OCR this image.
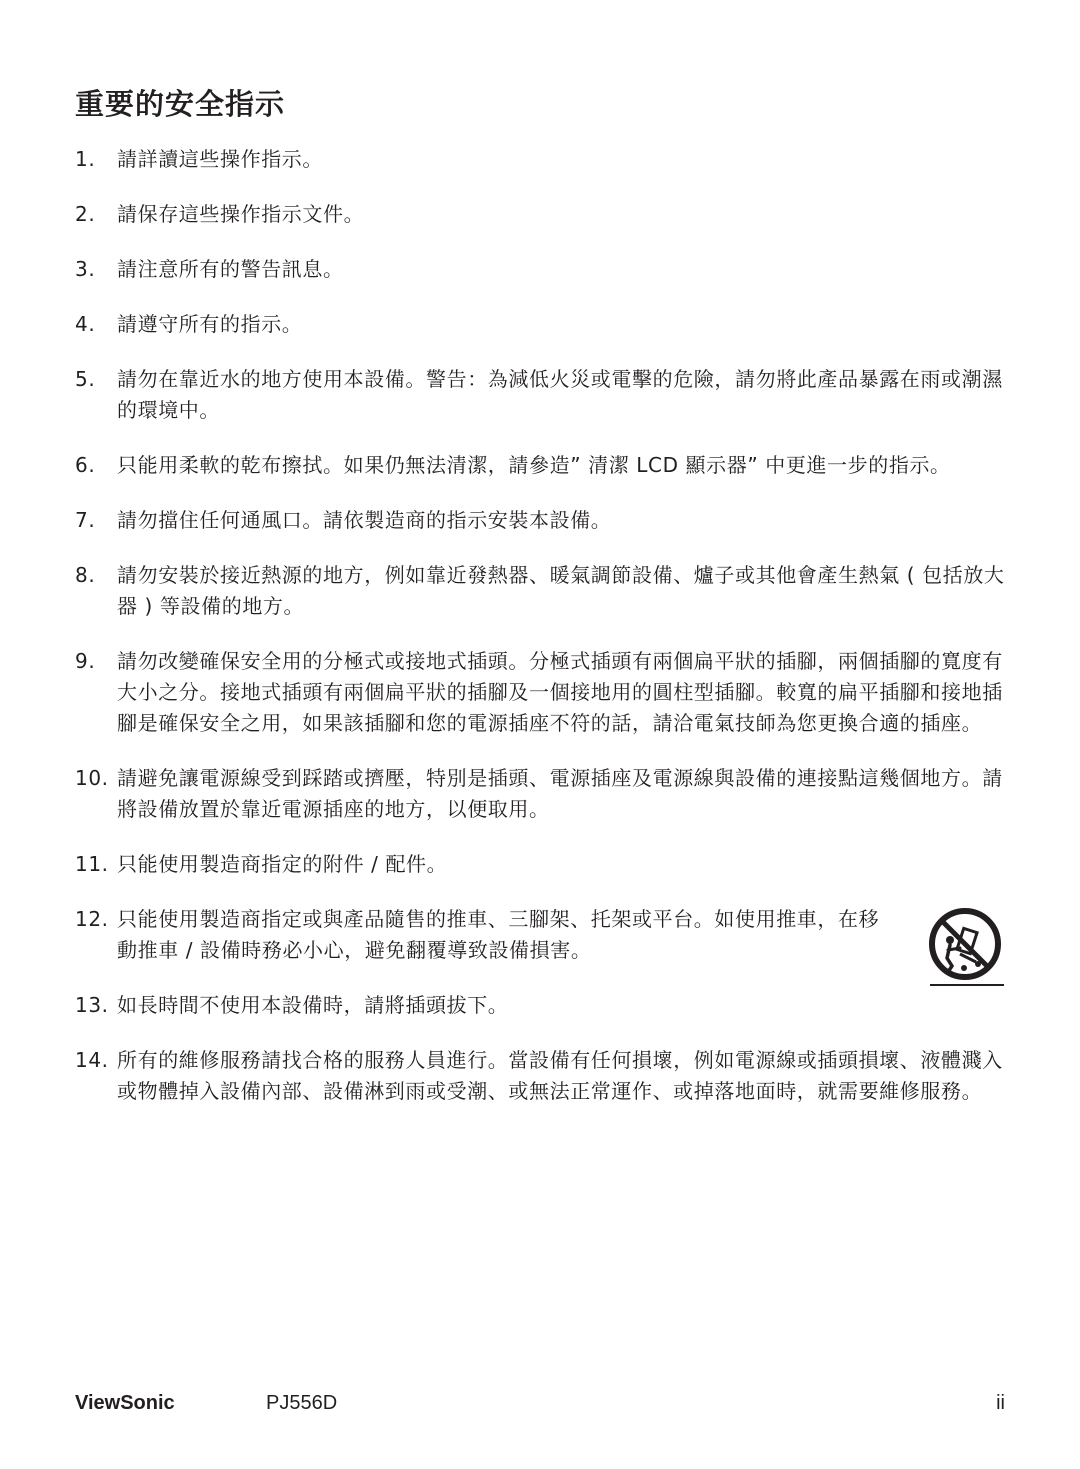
重要的安全指示
1. 請詳讀這些操作指示。
2. 請保存這些操作指示文件。
3. 請注意所有的警告訊息。
4. 請遵守所有的指示。
5. 請勿在靠近水的地方使用本設備。警告：為減低火災或電擊的危險，請勿將此產品暴露在雨或潮濕的環境中。
6. 只能用柔軟的乾布擦拭。如果仍無法清潔，請參造” 清潔 LCD 顯示器” 中更進一步的指示。
7. 請勿擋住任何通風口。請依製造商的指示安裝本設備。
8. 請勿安裝於接近熱源的地方，例如靠近發熱器、暖氣調節設備、爐子或其他會產生熱氣 ( 包括放大器 ) 等設備的地方。
9. 請勿改變確保安全用的分極式或接地式插頭。分極式插頭有兩個扁平狀的插腳，兩個插腳的寬度有大小之分。接地式插頭有兩個扁平狀的插腳及一個接地用的圓柱型插腳。較寬的扁平插腳和接地插腳是確保安全之用，如果該插腳和您的電源插座不符的話，請洽電氣技師為您更換合適的插座。
10. 請避免讓電源線受到踩踏或擠壓，特別是插頭、電源插座及電源線與設備的連接點這幾個地方。請將設備放置於靠近電源插座的地方，以便取用。
11. 只能使用製造商指定的附件 / 配件。
12. 只能使用製造商指定或與產品隨售的推車、三腳架、托架或平台。如使用推車，在移動推車 / 設備時務必小心，避免翻覆導致設備損害。
13. 如長時間不使用本設備時，請將插頭拔下。
14. 所有的維修服務請找合格的服務人員進行。當設備有任何損壞，例如電源線或插頭損壞、液體濺入或物體掉入設備內部、設備淋到雨或受潮、或無法正常運作、或掉落地面時，就需要維修服務。
ViewSonic	PJ556D	ii
